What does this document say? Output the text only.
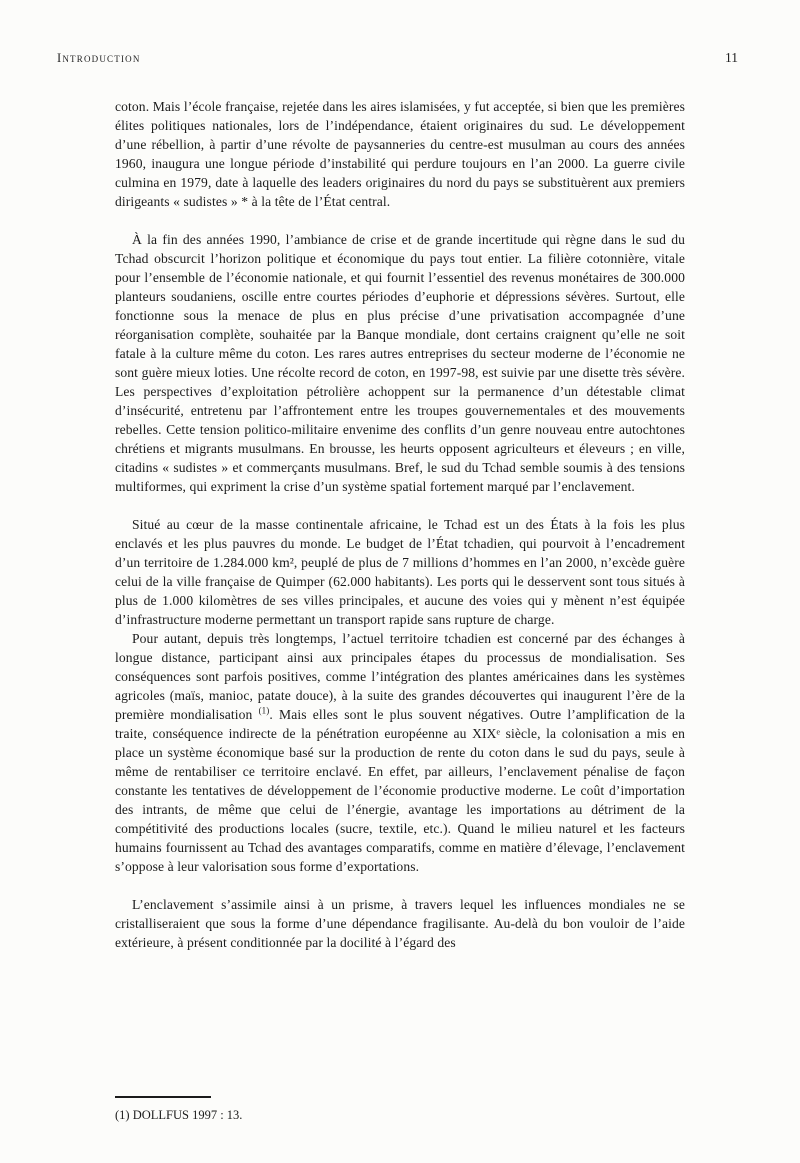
Introduction	11

coton. Mais l’école française, rejetée dans les aires islamisées, y fut acceptée, si bien que les premières élites politiques nationales, lors de l’indépendance, étaient originaires du sud. Le développement d’une rébellion, à partir d’une révolte de paysanneries du centre-est musulman au cours des années 1960, inaugura une longue période d’instabilité qui perdure toujours en l’an 2000. La guerre civile culmina en 1979, date à laquelle des leaders originaires du nord du pays se substituèrent aux premiers dirigeants « sudistes » * à la tête de l’État central.

À la fin des années 1990, l’ambiance de crise et de grande incertitude qui règne dans le sud du Tchad obscurcit l’horizon politique et économique du pays tout entier. La filière cotonnière, vitale pour l’ensemble de l’économie nationale, et qui fournit l’essentiel des revenus monétaires de 300.000 planteurs soudaniens, oscille entre courtes périodes d’euphorie et dépressions sévères. Surtout, elle fonctionne sous la menace de plus en plus précise d’une privatisation accompagnée d’une réorganisation complète, souhaitée par la Banque mondiale, dont certains craignent qu’elle ne soit fatale à la culture même du coton. Les rares autres entreprises du secteur moderne de l’économie ne sont guère mieux loties. Une récolte record de coton, en 1997-98, est suivie par une disette très sévère. Les perspectives d’exploitation pétrolière achoppent sur la permanence d’un détestable climat d’insécurité, entretenu par l’affrontement entre les troupes gouvernementales et des mouvements rebelles. Cette tension politico-militaire envenime des conflits d’un genre nouveau entre autochtones chrétiens et migrants musulmans. En brousse, les heurts opposent agriculteurs et éleveurs ; en ville, citadins « sudistes » et commerçants musulmans. Bref, le sud du Tchad semble soumis à des tensions multiformes, qui expriment la crise d’un système spatial fortement marqué par l’enclavement.

Situé au cœur de la masse continentale africaine, le Tchad est un des États à la fois les plus enclavés et les plus pauvres du monde. Le budget de l’État tchadien, qui pourvoit à l’encadrement d’un territoire de 1.284.000 km², peuplé de plus de 7 millions d’hommes en l’an 2000, n’excède guère celui de la ville française de Quimper (62.000 habitants). Les ports qui le desservent sont tous situés à plus de 1.000 kilomètres de ses villes principales, et aucune des voies qui y mènent n’est équipée d’infrastructure moderne permettant un transport rapide sans rupture de charge.

Pour autant, depuis très longtemps, l’actuel territoire tchadien est concerné par des échanges à longue distance, participant ainsi aux principales étapes du processus de mondialisation. Ses conséquences sont parfois positives, comme l’intégration des plantes américaines dans les systèmes agricoles (maïs, manioc, patate douce), à la suite des grandes découvertes qui inaugurent l’ère de la première mondialisation $^{(1)}$. Mais elles sont le plus souvent négatives. Outre l’amplification de la traite, conséquence indirecte de la pénétration européenne au XIXᵉ siècle, la colonisation a mis en place un système économique basé sur la production de rente du coton dans le sud du pays, seule à même de rentabiliser ce territoire enclavé. En effet, par ailleurs, l’enclavement pénalise de façon constante les tentatives de développement de l’économie productive moderne. Le coût d’importation des intrants, de même que celui de l’énergie, avantage les importations au détriment de la compétitivité des productions locales (sucre, textile, etc.). Quand le milieu naturel et les facteurs humains fournissent au Tchad des avantages comparatifs, comme en matière d’élevage, l’enclavement s’oppose à leur valorisation sous forme d’exportations.

L’enclavement s’assimile ainsi à un prisme, à travers lequel les influences mondiales ne se cristalliseraient que sous la forme d’une dépendance fragilisante. Au-delà du bon vouloir de l’aide extérieure, à présent conditionnée par la docilité à l’égard des

(1) DOLLFUS 1997 : 13.
